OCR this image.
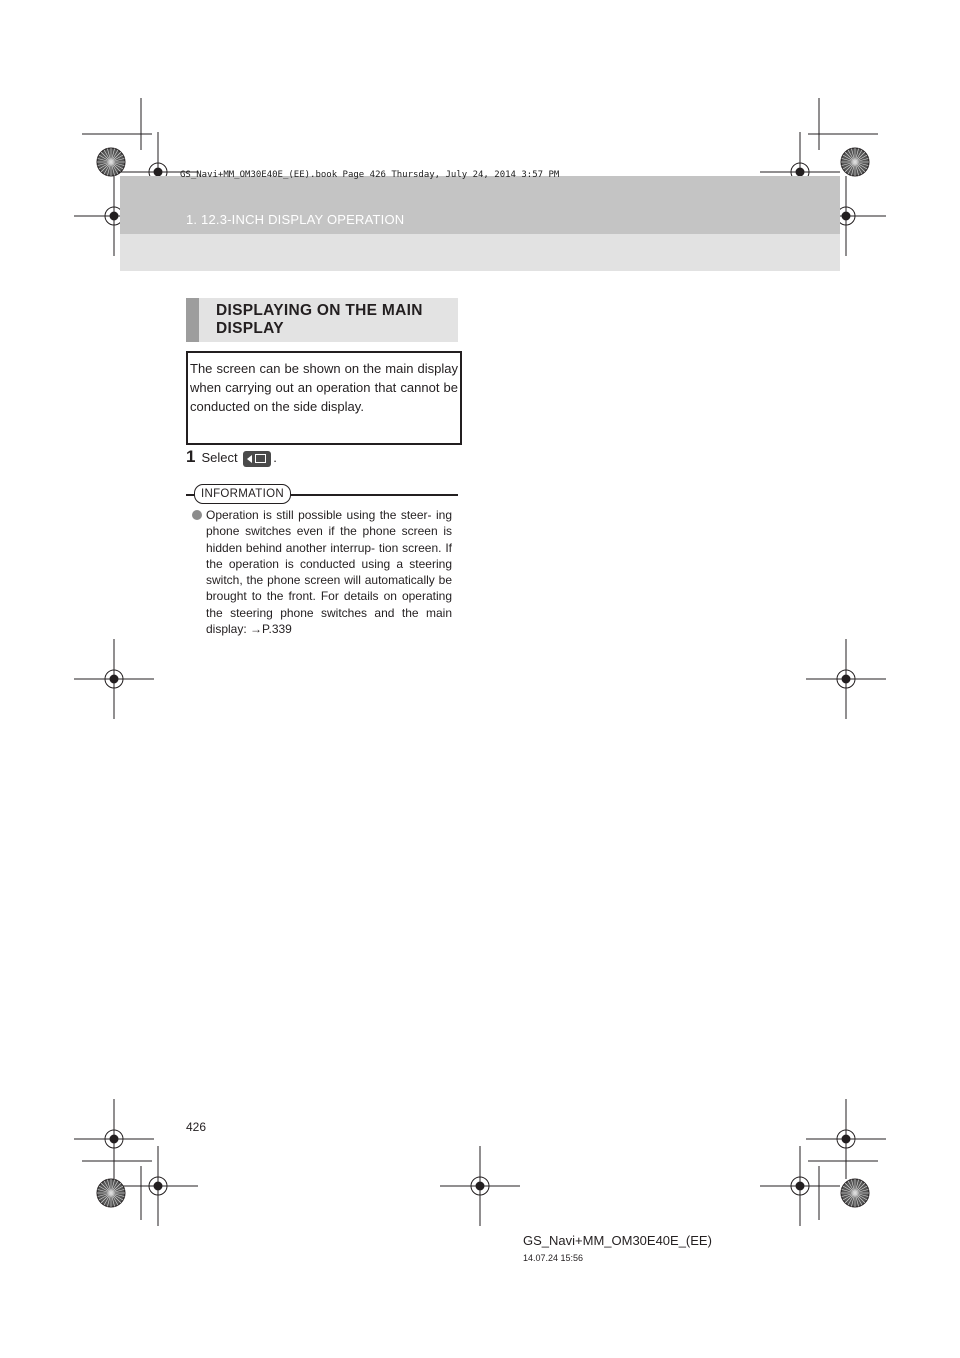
GS_Navi+MM_OM30E40E_(EE).book Page 426 Thursday, July 24, 2014 3:57 PM
1. 12.3-INCH DISPLAY OPERATION
DISPLAYING ON THE MAIN DISPLAY

The screen can be shown on the main display when carrying out an operation that cannot be conducted on the side display.

1 Select	.
INFORMATION
Operation is still possible using the steer- ing phone switches even if the phone screen is hidden behind another interrup- tion screen. If the operation is conducted using a steering switch, the phone screen will automatically be brought to the front. For details on operating the steering phone switches and the main display: →P.339
426
GS_Navi+MM_OM30E40E_(EE)
14.07.24 15:56
